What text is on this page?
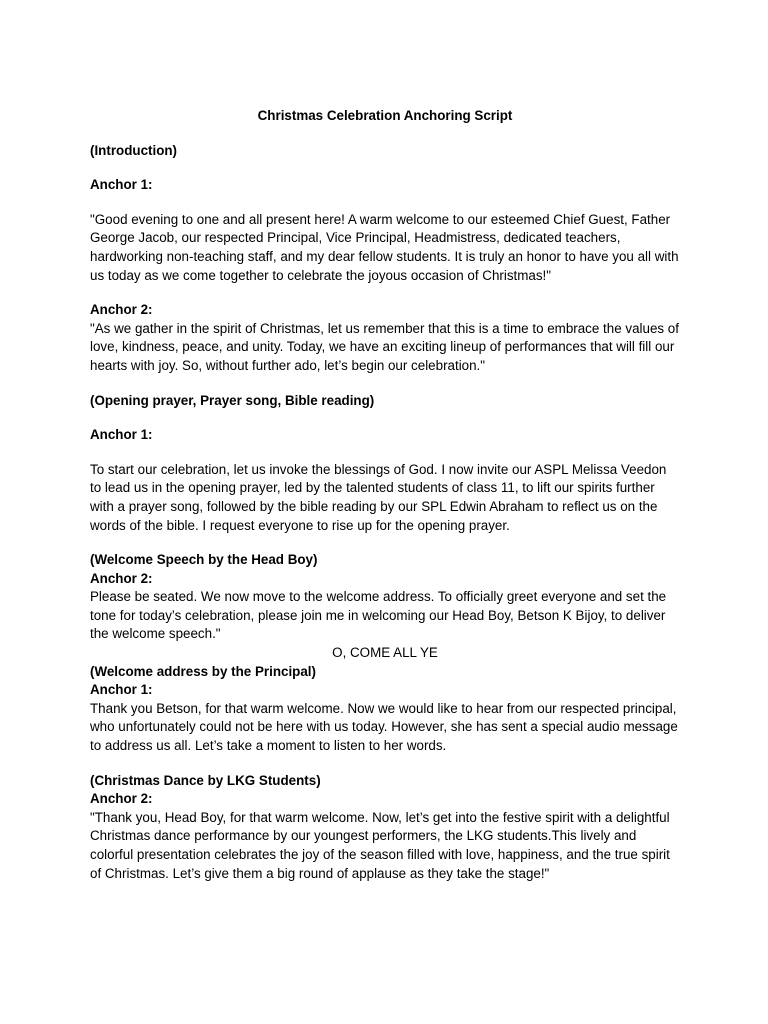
Christmas Celebration Anchoring Script

(Introduction)

Anchor 1:

"Good evening to one and all present here! A warm welcome to our esteemed Chief Guest, Father George Jacob, our respected Principal, Vice Principal, Headmistress, dedicated teachers, hardworking non-teaching staff, and my dear fellow students. It is truly an honor to have you all with us today as we come together to celebrate the joyous occasion of Christmas!"

Anchor 2:

"As we gather in the spirit of Christmas, let us remember that this is a time to embrace the values of love, kindness, peace, and unity. Today, we have an exciting lineup of performances that will fill our hearts with joy. So, without further ado, let’s begin our celebration."

(Opening prayer, Prayer song, Bible reading)

Anchor 1:

To start our celebration, let us invoke the blessings of God. I now invite our ASPL Melissa Veedon to lead us in the opening prayer, led by the talented students of class 11, to lift our spirits further with a prayer song, followed by the bible reading by our SPL Edwin Abraham to reflect us on the words of the bible. I request everyone to rise up for the opening prayer.

(Welcome Speech by the Head Boy)

Anchor 2:

Please be seated. We now move to the welcome address. To officially greet everyone and set the tone for today’s celebration, please join me in welcoming our Head Boy, Betson K Bijoy, to deliver the welcome speech."

O, COME ALL YE

(Welcome address by the Principal)

Anchor 1:

Thank you Betson, for that warm welcome. Now we would like to hear from our respected principal, who unfortunately could not be here with us today. However, she has sent a special audio message to address us all. Let’s take a moment to listen to her words.

(Christmas Dance by LKG Students)

Anchor 2:

"Thank you, Head Boy, for that warm welcome. Now, let’s get into the festive spirit with a delightful Christmas dance performance by our youngest performers, the LKG students.This lively and colorful presentation celebrates the joy of the season filled with love, happiness, and the true spirit of Christmas. Let’s give them a big round of applause as they take the stage!"
